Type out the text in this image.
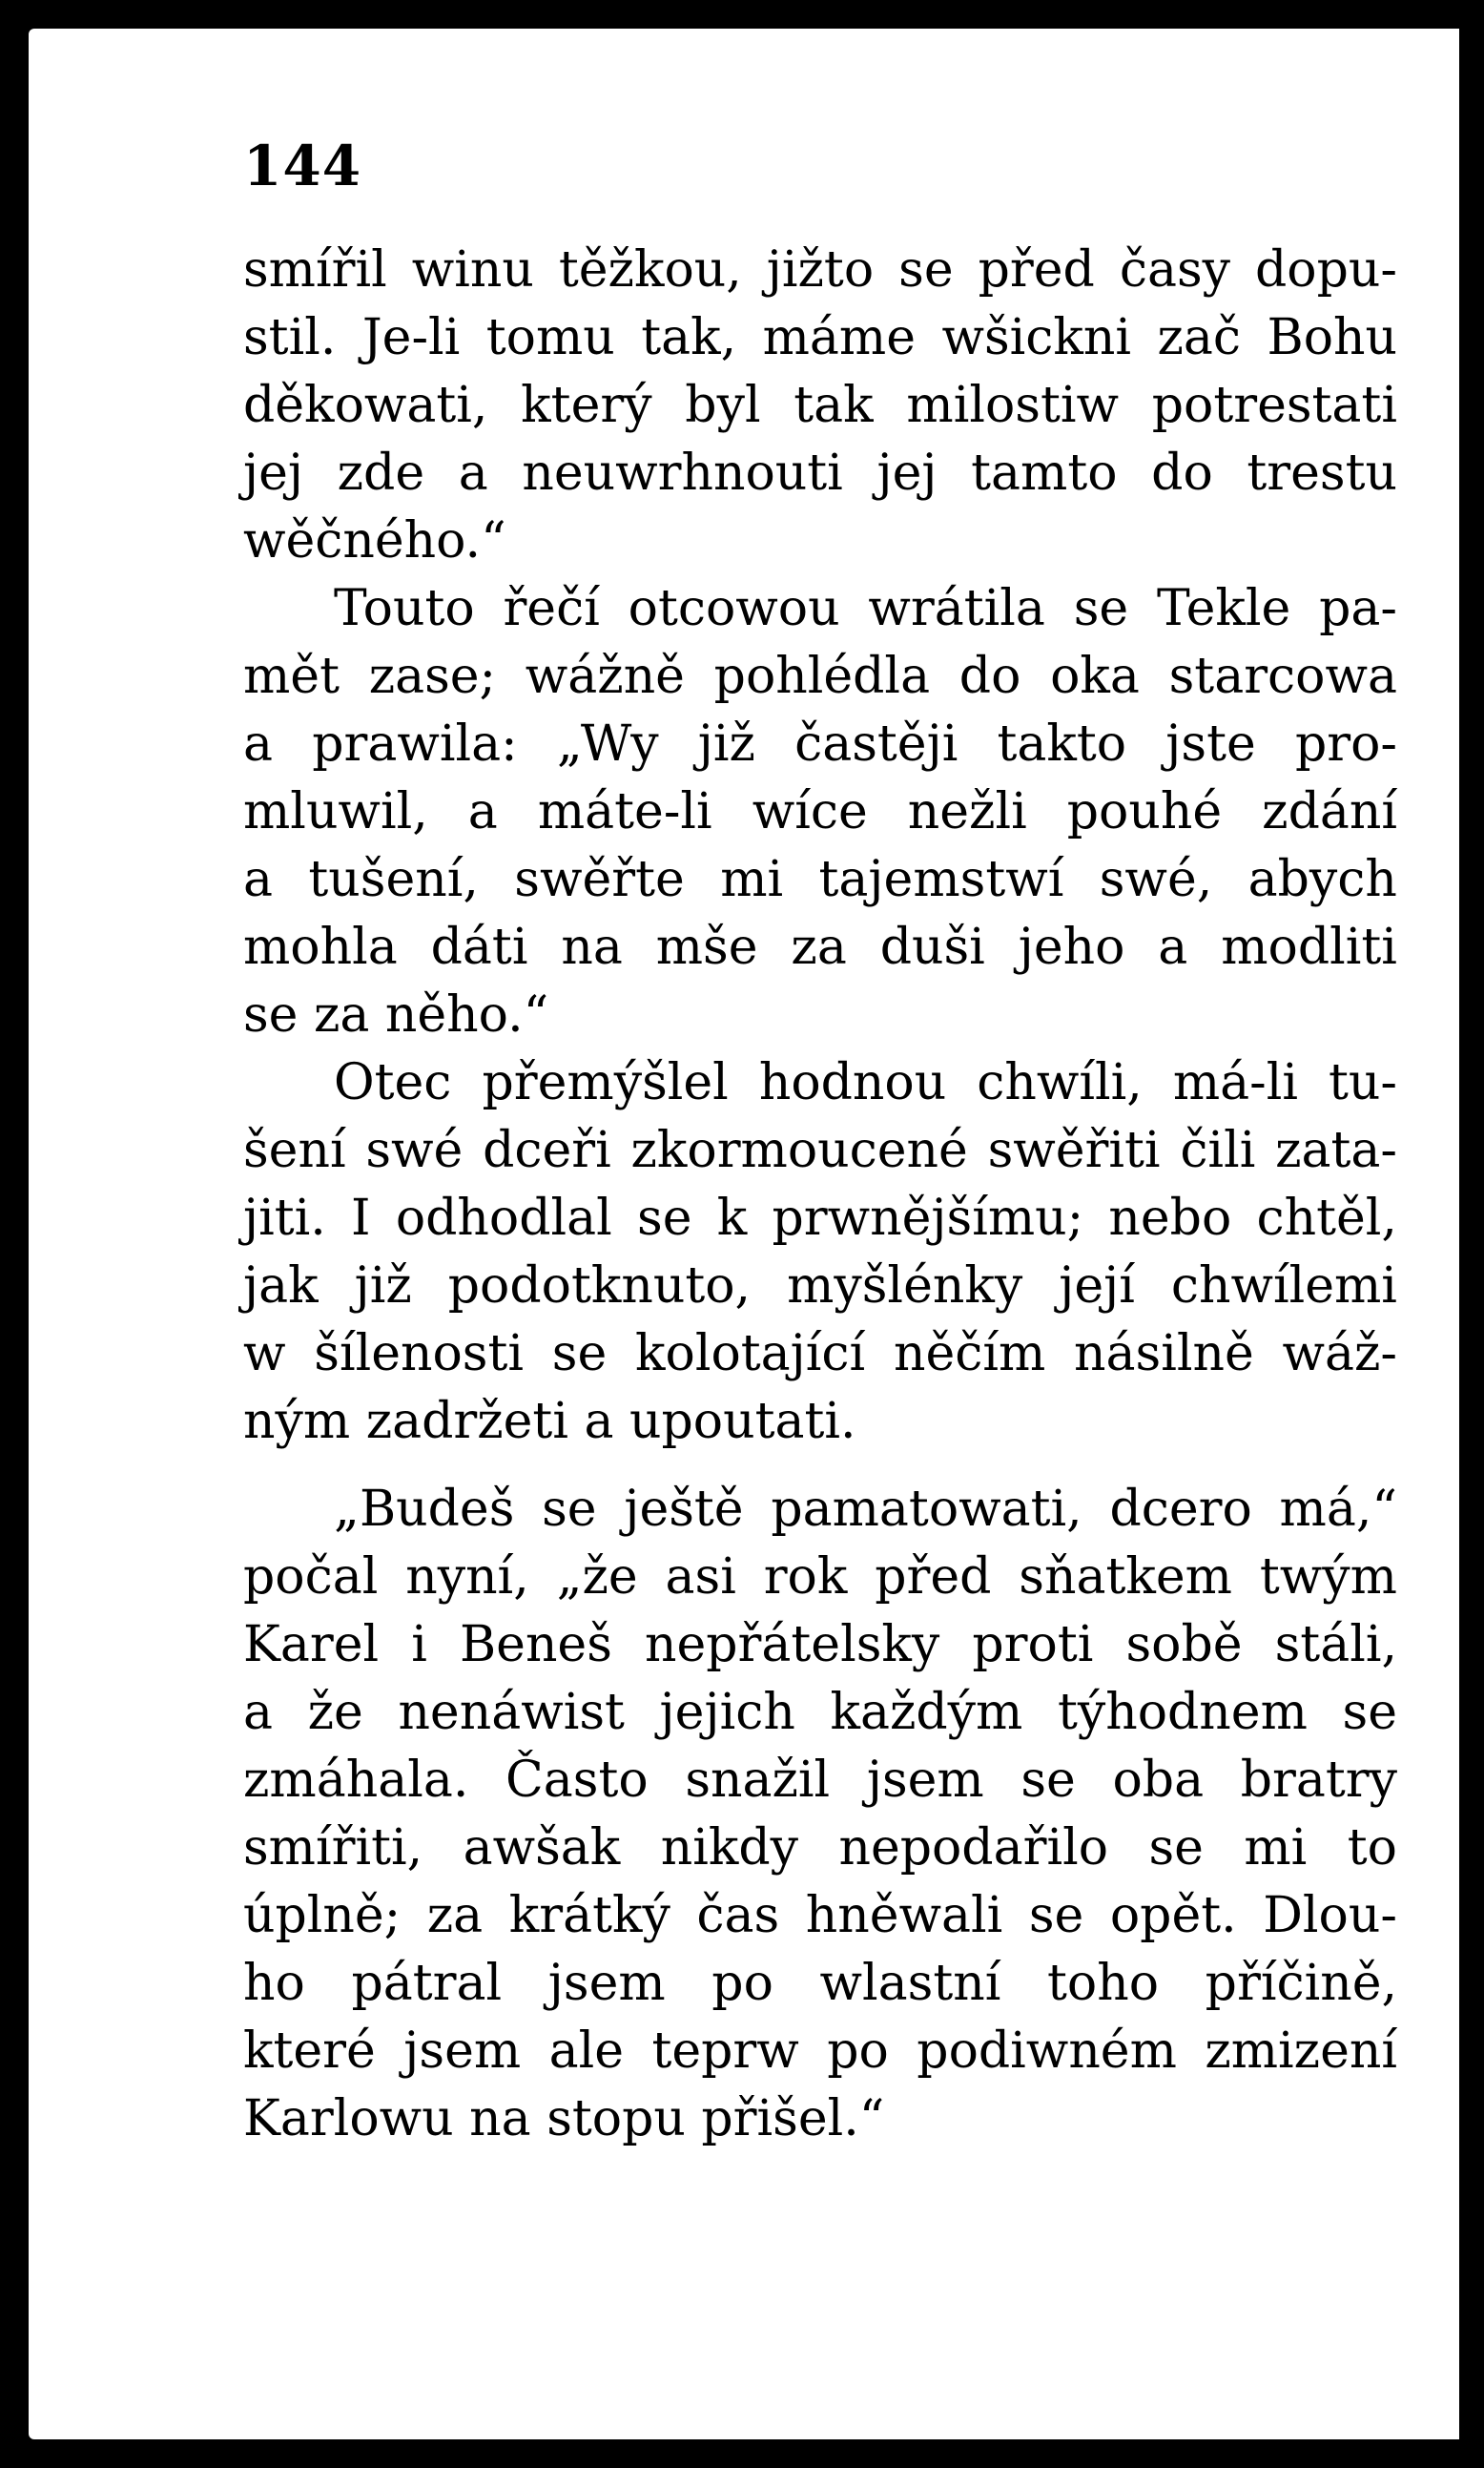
144
smířil winu těžkou, jižto se před časy dopu-
stil. Je-li tomu tak, máme wšickni zač Bohu
děkowati, který byl tak milostiw potrestati
jej zde a neuwrhnouti jej tamto do trestu
wěčného.“
Touto řečí otcowou wrátila se Tekle pa-
mět zase; wážně pohlédla do oka starcowa
a prawila: „Wy již častěji takto jste pro-
mluwil, a máte-li wíce nežli pouhé zdání
a tušení, swěřte mi tajemstwí swé, abych
mohla dáti na mše za duši jeho a modliti
se za něho.“
Otec přemýšlel hodnou chwíli, má-li tu-
šení swé dceři zkormoucené swěřiti čili zata-
jiti. I odhodlal se k prwnějšímu; nebo chtěl,
jak již podotknuto, myšlénky její chwílemi
w šílenosti se kolotající něčím násilně wáž-
ným zadržeti a upoutati.
„Budeš se ještě pamatowati, dcero má,“
počal nyní, „že asi rok před sňatkem twým
Karel i Beneš nepřátelsky proti sobě stáli,
a že nenáwist jejich každým týhodnem se
zmáhala. Často snažil jsem se oba bratry
smířiti, awšak nikdy nepodařilo se mi to
úplně; za krátký čas hněwali se opět. Dlou-
ho pátral jsem po wlastní toho příčině,
které jsem ale teprw po podiwném zmizení
Karlowu na stopu přišel.“
